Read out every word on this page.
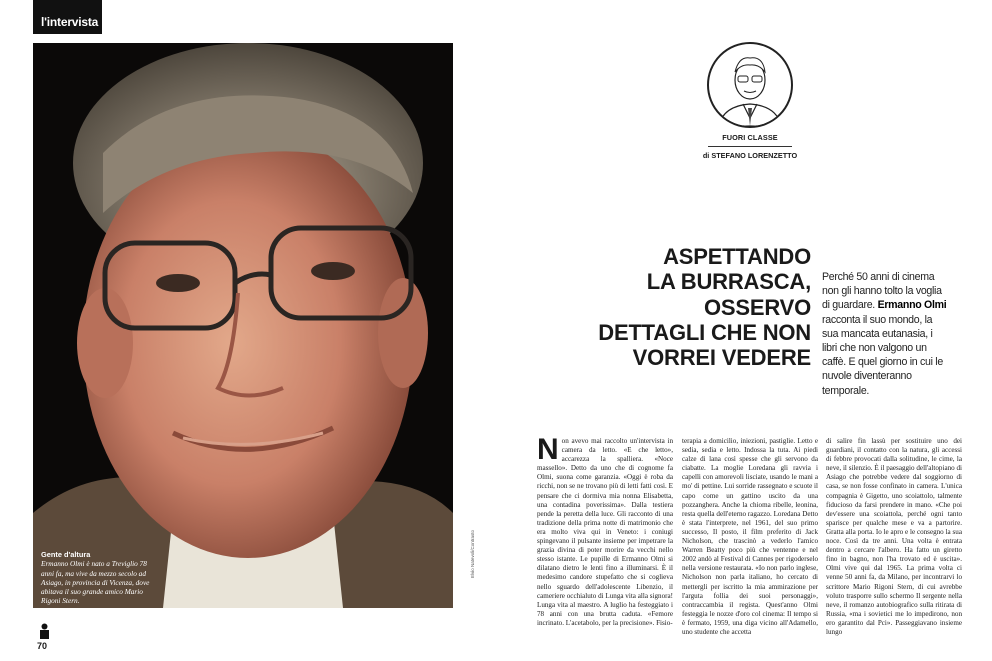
l'intervista
Gente d'altura
Ermanno Olmi è nato a Treviglio 78 anni fa, ma vive da mezzo secolo ad Asiago, in provincia di Vicenza, dove abitava il suo grande amico Mario Rigoni Stern.
Elvio Natevoli/Contrasto
70
FUORI CLASSE
di STEFANO LORENZETTO
ASPETTANDO
LA BURRASCA,
OSSERVO
DETTAGLI CHE NON
VORREI VEDERE

Perché 50 anni di cinema non gli hanno tolto la voglia di guardare. Ermanno Olmi racconta il suo mondo, la sua mancata eutanasia, i libri che non valgono un caffè. E quel giorno in cui le nuvole diventeranno temporale.

Non avevo mai raccolto un'intervista in camera da letto. «E che letto», accarezza la spalliera. «Noce massello». Detto da uno che di cognome fa Olmi, suona come garanzia. «Oggi è roba da ricchi, non se ne trovano più di letti fatti così. E pensare che ci dormiva mia nonna Elisabetta, una contadina poverissima». Dalla testiera pende la peretta della luce. Gli racconto di una tradizione della prima notte di matrimonio che era molto viva qui in Veneto: i coniugi spingevano il pulsante insieme per impetrare la grazia divina di poter morire da vecchi nello stesso istante. Le pupille di Ermanno Olmi si dilatano dietro le lenti fino a illuminarsi. È il medesimo candore stupefatto che si coglieva nello sguardo dell'adolescente Libenzio, il cameriere occhialuto di Lunga vita alla signora! Lunga vita al maestro. A luglio ha festeggiato i 78 anni con una brutta caduta. «Femore incrinato. L'acetabolo, per la precisione». Fisio-

terapia a domicilio, iniezioni, pastiglie. Letto e sedia, sedia e letto. Indossa la tuta. Ai piedi calze di lana così spesse che gli servono da ciabatte. La moglie Loredana gli ravvia i capelli con amorevoli lisciate, usando le mani a mo' di pettine. Lui sorride rassegnato e scuote il capo come un gattino uscito da una pozzanghera. Anche la chioma ribelle, leonina, resta quella dell'eterno ragazzo. Loredana Detto è stata l'interprete, nel 1961, del suo primo successo, Il posto, il film preferito di Jack Nicholson, che trascinò a vederlo l'amico Warren Beatty poco più che ventenne e nel 2002 andò al Festival di Cannes per rigoderselo nella versione restaurata. «Io non parlo inglese, Nicholson non parla italiano, ho cercato di mettergli per iscritto la mia ammirazione per l'arguta follia dei suoi personaggi», contraccambia il regista. Quest'anno Olmi festeggia le nozze d'oro col cinema: Il tempo si è fermato, 1959, una diga vicino all'Adamello, uno studente che accetta

di salire fin lassù per sostituire uno dei guardiani, il contatto con la natura, gli accessi di febbre provocati dalla solitudine, le cime, la neve, il silenzio. È il paesaggio dell'altopiano di Asiago che potrebbe vedere dal soggiorno di casa, se non fosse confinato in camera. L'unica compagnia è Gigetto, uno scoiattolo, talmente fiducioso da farsi prendere in mano. «Che poi dev'essere una scoiattola, perché ogni tanto sparisce per qualche mese e va a partorire. Gratta alla porta. Io le apro e le consegno la sua noce. Così da tre anni. Una volta è entrata dentro a cercare l'albero. Ha fatto un giretto fino in bagno, non l'ha trovato ed è uscita». Olmi vive qui dal 1965. La prima volta ci venne 50 anni fa, da Milano, per incontrarvi lo scrittore Mario Rigoni Stern, di cui avrebbe voluto trasporre sullo schermo Il sergente nella neve, il romanzo autobiografico sulla ritirata di Russia, «ma i sovietici me lo impedirono, non ero garantito dal Pci». Passeggiavano insieme lungo
